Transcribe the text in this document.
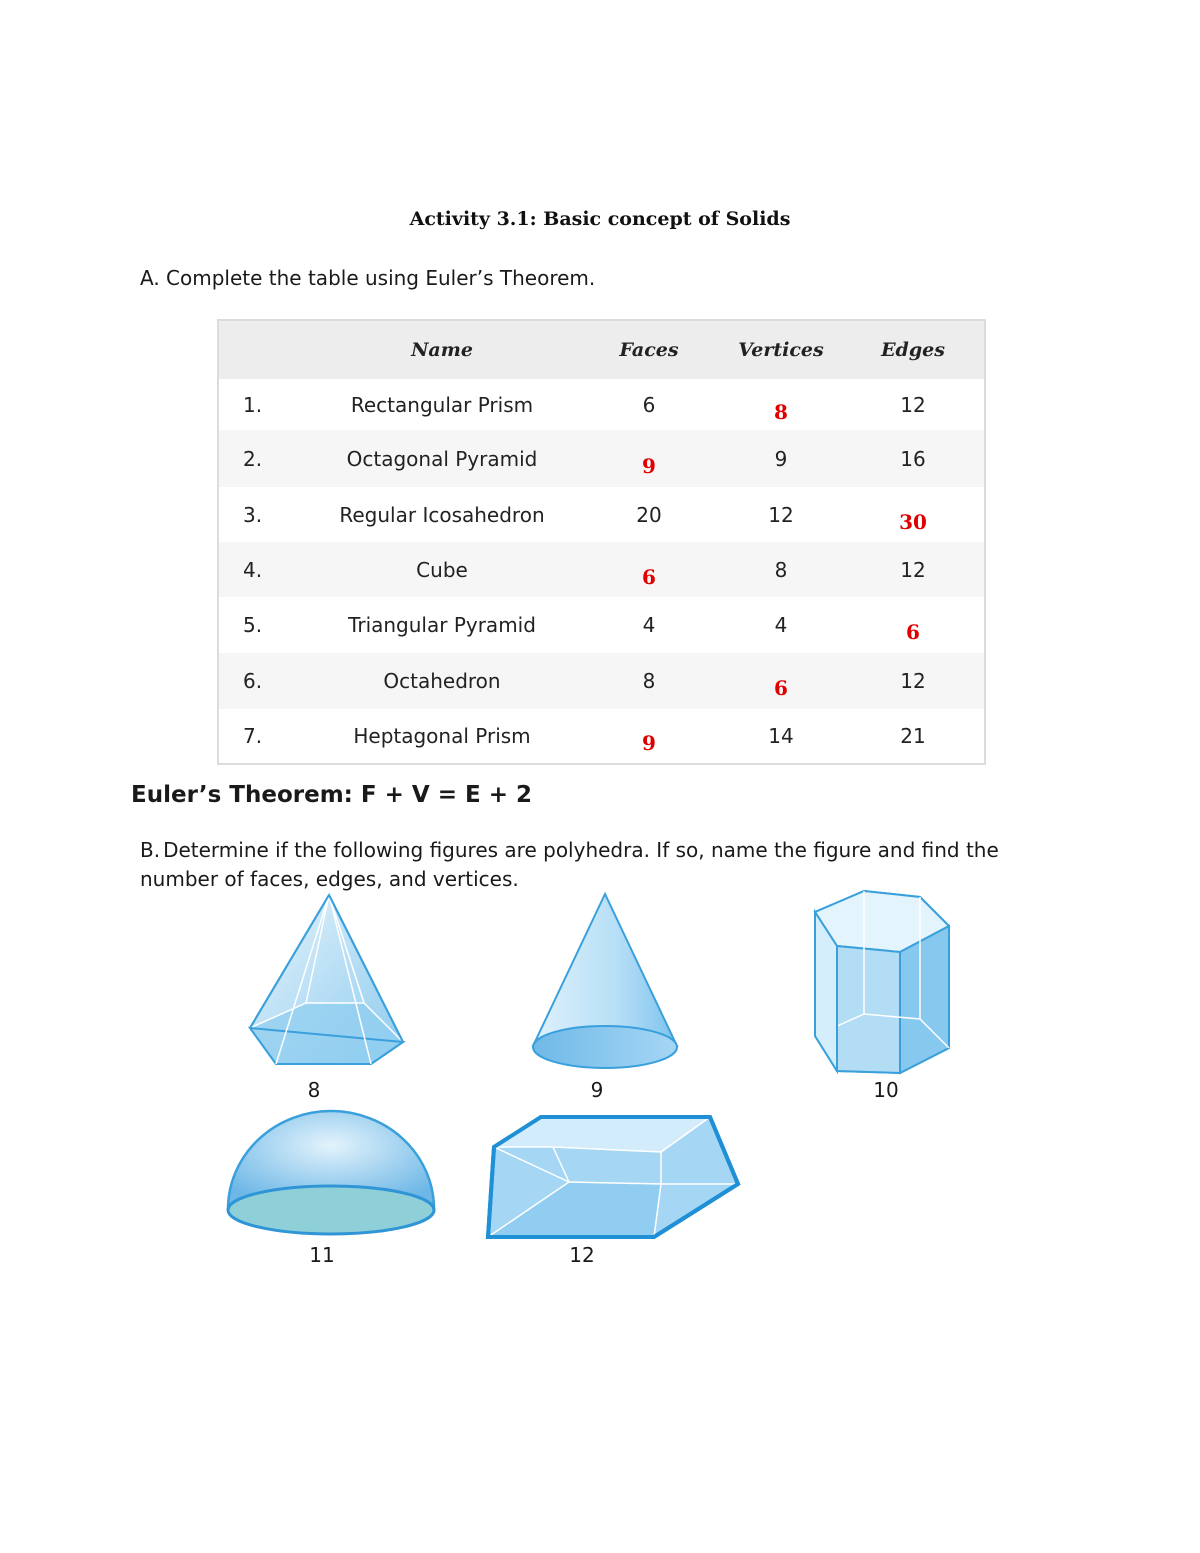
Activity 3.1: Basic concept of Solids
A. Complete the table using Euler’s Theorem.
	Name	Faces	Vertices	Edges
1.	Rectangular Prism	6	8	12
2.	Octagonal Pyramid	9	9	16
3.	Regular Icosahedron	20	12	30
4.	Cube	6	8	12
5.	Triangular Pyramid	4	4	6
6.	Octahedron	8	6	12
7.	Heptagonal Prism	9	14	21
Euler’s Theorem: F + V = E + 2
B. Determine if the following figures are polyhedra. If so, name the figure and find the number of faces, edges, and vertices.
8	9	10
11	12
